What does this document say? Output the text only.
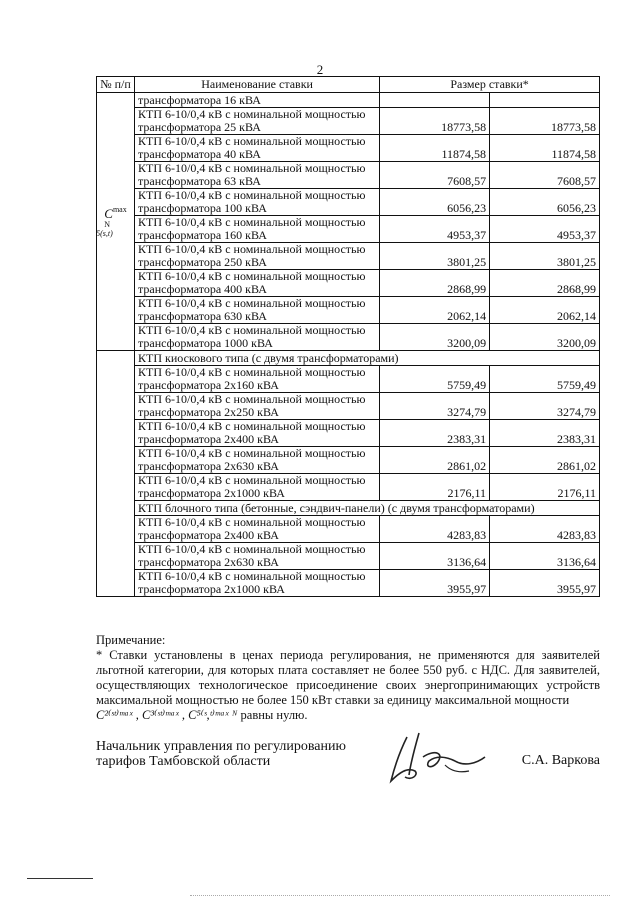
2
№ п/п	Наименование ставки	Размер ставки*	
$C^{max N}_{5(s,t)}$	трансформатора 16 кВА		
	КТП 6-10/0,4 кВ с номинальной мощностью
трансформатора 25 кВА	18773,58	18773,58
	КТП 6-10/0,4 кВ с номинальной мощностью
трансформатора 40 кВА	11874,58	11874,58
	КТП 6-10/0,4 кВ с номинальной мощностью
трансформатора 63 кВА	7608,57	7608,57
	КТП 6-10/0,4 кВ с номинальной мощностью
трансформатора 100 кВА	6056,23	6056,23
	КТП 6-10/0,4 кВ с номинальной мощностью
трансформатора 160 кВА	4953,37	4953,37
	КТП 6-10/0,4 кВ с номинальной мощностью
трансформатора 250 кВА	3801,25	3801,25
	КТП 6-10/0,4 кВ с номинальной мощностью
трансформатора 400 кВА	2868,99	2868,99
	КТП 6-10/0,4 кВ с номинальной мощностью
трансформатора 630 кВА	2062,14	2062,14
	КТП 6-10/0,4 кВ с номинальной мощностью
трансформатора 1000 кВА	3200,09	3200,09
	КТП киоскового типа (с двумя трансформаторами)		
	КТП 6-10/0,4 кВ с номинальной мощностью
трансформатора 2х160 кВА	5759,49	5759,49
	КТП 6-10/0,4 кВ с номинальной мощностью
трансформатора 2х250 кВА	3274,79	3274,79
	КТП 6-10/0,4 кВ с номинальной мощностью
трансформатора 2х400 кВА	2383,31	2383,31
	КТП 6-10/0,4 кВ с номинальной мощностью
трансформатора 2х630 кВА	2861,02	2861,02
	КТП 6-10/0,4 кВ с номинальной мощностью
трансформатора 2х1000 кВА	2176,11	2176,11
	КТП блочного типа (бетонные, сэндвич-панели) (с двумя трансформаторами)		
	КТП 6-10/0,4 кВ с номинальной мощностью
трансформатора 2х400 кВА	4283,83	4283,83
	КТП 6-10/0,4 кВ с номинальной мощностью
трансформатора 2х630 кВА	3136,64	3136,64
	КТП 6-10/0,4 кВ с номинальной мощностью
трансформатора 2х1000 кВА	3955,97	3955,97
Примечание:

* Ставки установлены в ценах периода регулирования, не применяются для заявителей льготной категории, для которых плата составляет не более 550 руб. с НДС. Для заявителей, осуществляющих технологическое присоединение своих энергопринимающих устройств максимальной мощностью не более 150 кВт ставки за единицу максимальной мощности
C²⁽ˢᵗ⁾ᵐᵃˣ , C³⁽ˢᵗ⁾ᵐᵃˣ , C⁵⁽ˢ,ᵗ⁾ᵐᵃˣ ᴺ равны нулю.

Начальник управления по регулированию
тарифов Тамбовской области	С.А. Варкова
